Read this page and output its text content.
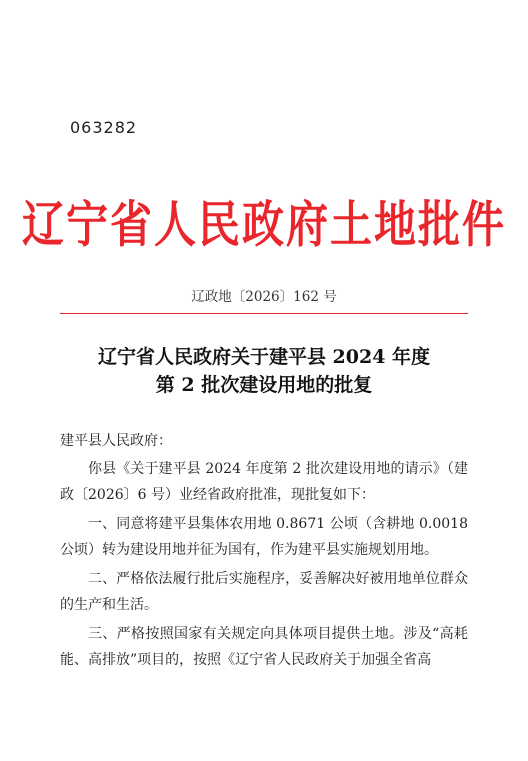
063282
辽宁省人民政府土地批件
辽政地〔2026〕162 号
辽宁省人民政府关于建平县 2024 年度
第 2 批次建设用地的批复

建平县人民政府：

你县《关于建平县 2024 年度第 2 批次建设用地的请示》（建政〔2026〕6 号）业经省政府批准，现批复如下：

一、同意将建平县集体农用地 0.8671 公顷（含耕地 0.0018 公顷）转为建设用地并征为国有，作为建平县实施规划用地。

二、严格依法履行批后实施程序，妥善解决好被用地单位群众的生产和生活。

三、严格按照国家有关规定向具体项目提供土地。涉及“高耗能、高排放”项目的，按照《辽宁省人民政府关于加强全省高
